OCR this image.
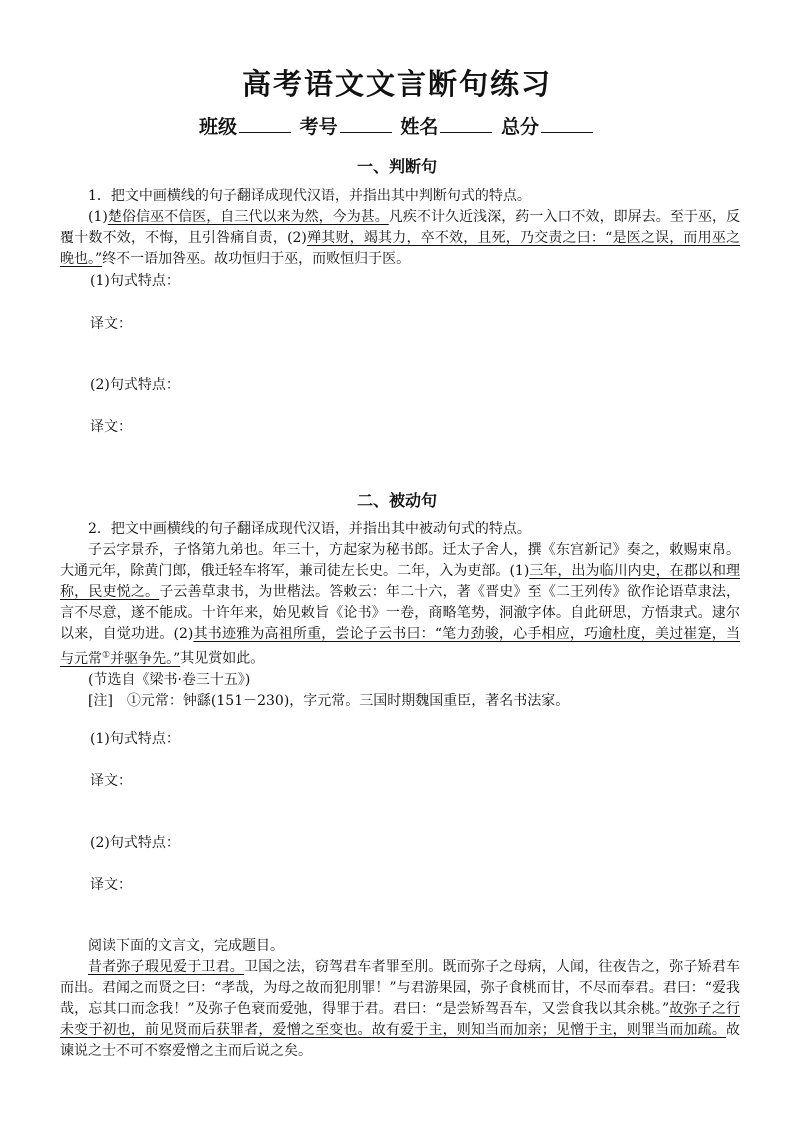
高考语文文言断句练习
班级	考号	姓名	总分
一、判断句

1．把文中画横线的句子翻译成现代汉语，并指出其中判断句式的特点。

(1)楚俗信巫不信医，自三代以来为然，今为甚。凡疾不计久近浅深，药一入口不效，即屏去。至于巫，反覆十数不效，不悔，且引咎痛自责，(2)殚其财，竭其力，卒不效，且死，乃交责之曰：“是医之误，而用巫之晚也。”终不一语加咎巫。故功恒归于巫，而败恒归于医。

(1)句式特点：
译文：
(2)句式特点：
译文：
二、被动句

2．把文中画横线的句子翻译成现代汉语，并指出其中被动句式的特点。

子云字景乔，子恪第九弟也。年三十，方起家为秘书郎。迁太子舍人，撰《东宫新记》奏之，敕赐束帛。大通元年，除黄门郎，俄迁轻车将军，兼司徒左长史。二年，入为吏部。(1)三年，出为临川内史，在郡以和理称，民吏悦之。子云善草隶书，为世楷法。答敕云：年二十六，著《晋史》至《二王列传》欲作论语草隶法，言不尽意，遂不能成。十许年来，始见敕旨《论书》一卷，商略笔势，洞澈字体。自此研思，方悟隶式。逮尔以来，自觉功进。(2)其书迹雅为高祖所重，尝论子云书曰：“笔力劲骏，心手相应，巧逾杜度，美过崔寔，当与元常①并驱争先。”其见赏如此。

(节选自《梁书·卷三十五》)

[注]　①元常：钟繇(151－230)，字元常。三国时期魏国重臣，著名书法家。

(1)句式特点：
译文：
(2)句式特点：
译文：

阅读下面的文言文，完成题目。

昔者弥子瑕见爱于卫君。卫国之法，窃驾君车者罪至刖。既而弥子之母病，人闻，往夜告之，弥子矫君车而出。君闻之而贤之曰：“孝哉，为母之故而犯刖罪！”与君游果园，弥子食桃而甘，不尽而奉君。君曰：“爱我哉，忘其口而念我！”及弥子色衰而爱弛，得罪于君。君曰：“是尝矫驾吾车，又尝食我以其余桃。”故弥子之行未变于初也，前见贤而后获罪者，爱憎之至变也。故有爱于主，则知当而加亲；见憎于主，则罪当而加疏。故谏说之士不可不察爱憎之主而后说之矣。
